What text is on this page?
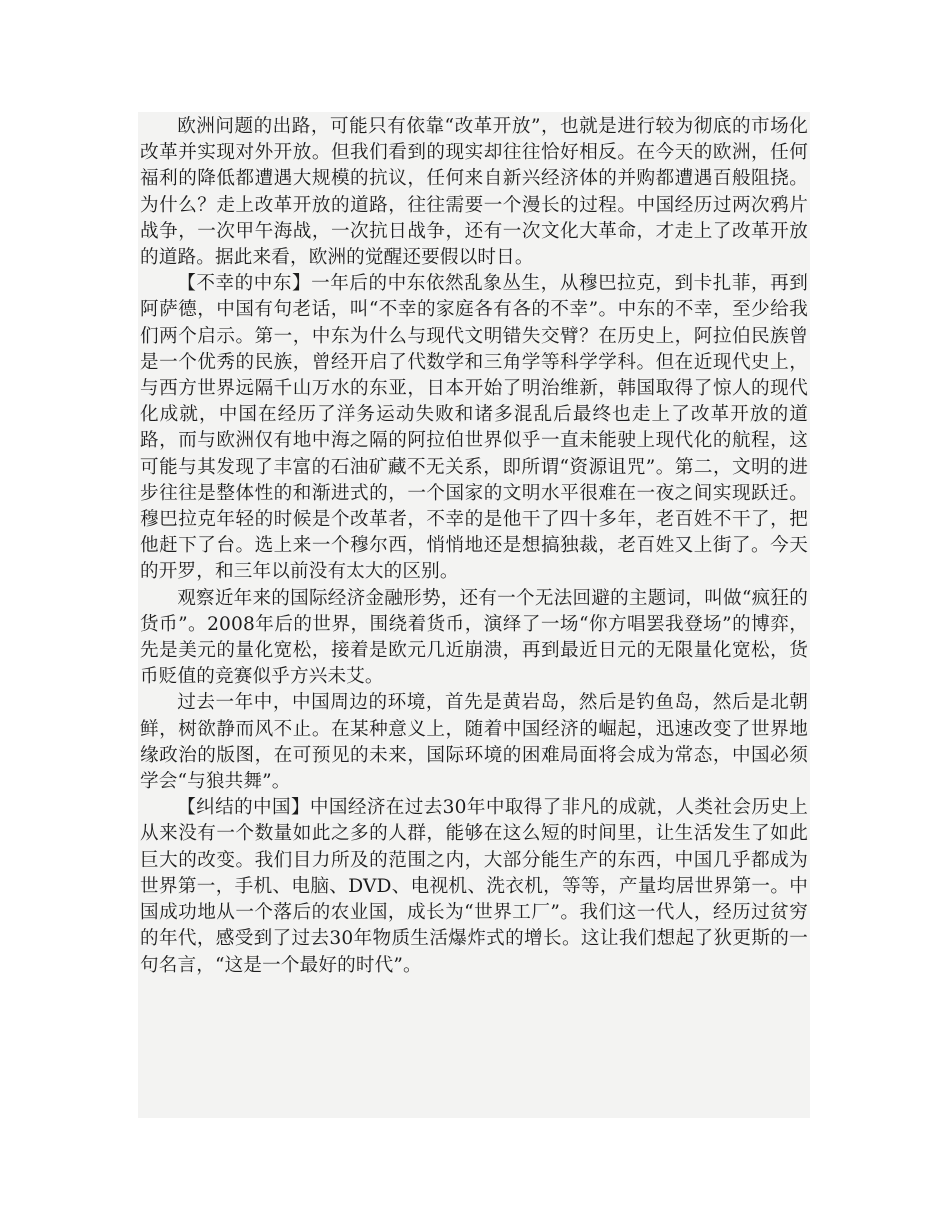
欧洲问题的出路，可能只有依靠“改革开放”，也就是进行较为彻底的市场化改革并实现对外开放。但我们看到的现实却往往恰好相反。在今天的欧洲，任何福利的降低都遭遇大规模的抗议，任何来自新兴经济体的并购都遭遇百般阻挠。为什么？走上改革开放的道路，往往需要一个漫长的过程。中国经历过两次鸦片战争，一次甲午海战，一次抗日战争，还有一次文化大革命，才走上了改革开放的道路。据此来看，欧洲的觉醒还要假以时日。

【不幸的中东】一年后的中东依然乱象丛生，从穆巴拉克，到卡扎菲，再到阿萨德，中国有句老话，叫“不幸的家庭各有各的不幸”。中东的不幸，至少给我们两个启示。第一，中东为什么与现代文明错失交臂？在历史上，阿拉伯民族曾是一个优秀的民族，曾经开启了代数学和三角学等科学学科。但在近现代史上，与西方世界远隔千山万水的东亚，日本开始了明治维新，韩国取得了惊人的现代化成就，中国在经历了洋务运动失败和诸多混乱后最终也走上了改革开放的道路，而与欧洲仅有地中海之隔的阿拉伯世界似乎一直未能驶上现代化的航程，这可能与其发现了丰富的石油矿藏不无关系，即所谓“资源诅咒”。第二，文明的进步往往是整体性的和渐进式的，一个国家的文明水平很难在一夜之间实现跃迁。穆巴拉克年轻的时候是个改革者，不幸的是他干了四十多年，老百姓不干了，把他赶下了台。选上来一个穆尔西，悄悄地还是想搞独裁，老百姓又上街了。今天的开罗，和三年以前没有太大的区别。

观察近年来的国际经济金融形势，还有一个无法回避的主题词，叫做“疯狂的货币”。2008年后的世界，围绕着货币，演绎了一场“你方唱罢我登场”的博弈，先是美元的量化宽松，接着是欧元几近崩溃，再到最近日元的无限量化宽松，货币贬值的竞赛似乎方兴未艾。

过去一年中，中国周边的环境，首先是黄岩岛，然后是钓鱼岛，然后是北朝鲜，树欲静而风不止。在某种意义上，随着中国经济的崛起，迅速改变了世界地缘政治的版图，在可预见的未来，国际环境的困难局面将会成为常态，中国必须学会“与狼共舞”。

【纠结的中国】中国经济在过去30年中取得了非凡的成就，人类社会历史上从来没有一个数量如此之多的人群，能够在这么短的时间里，让生活发生了如此巨大的改变。我们目力所及的范围之内，大部分能生产的东西，中国几乎都成为世界第一，手机、电脑、DVD、电视机、洗衣机，等等，产量均居世界第一。中国成功地从一个落后的农业国，成长为“世界工厂”。我们这一代人，经历过贫穷的年代，感受到了过去30年物质生活爆炸式的增长。这让我们想起了狄更斯的一句名言，“这是一个最好的时代”。
